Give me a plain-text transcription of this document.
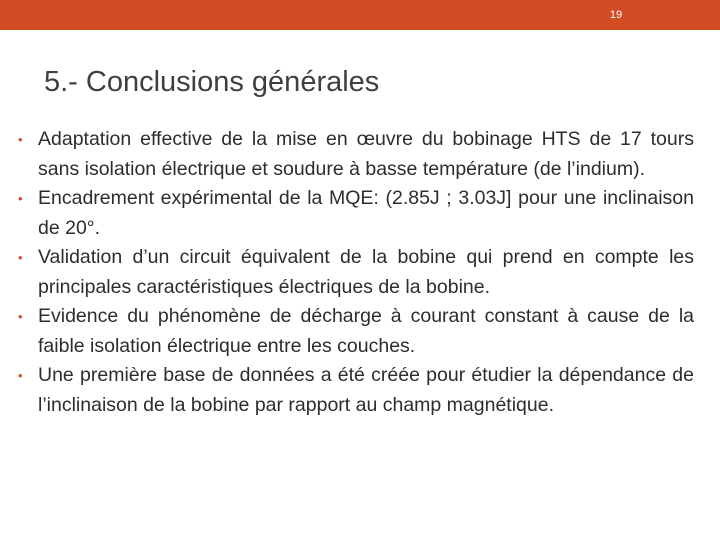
19
5.- Conclusions générales
• Adaptation effective de la mise en œuvre du bobinage HTS de 17 tours sans isolation électrique et soudure à basse température (de l’indium).
• Encadrement expérimental de la MQE: (2.85J ; 3.03J] pour une inclinaison de 20°.
• Validation d’un circuit équivalent de la bobine qui prend en compte les principales caractéristiques électriques de la bobine.
• Evidence du phénomène de décharge à courant constant à cause de la faible isolation électrique entre les couches.
• Une première base de données a été créée pour étudier la dépendance de l’inclinaison de la bobine par rapport au champ magnétique.
